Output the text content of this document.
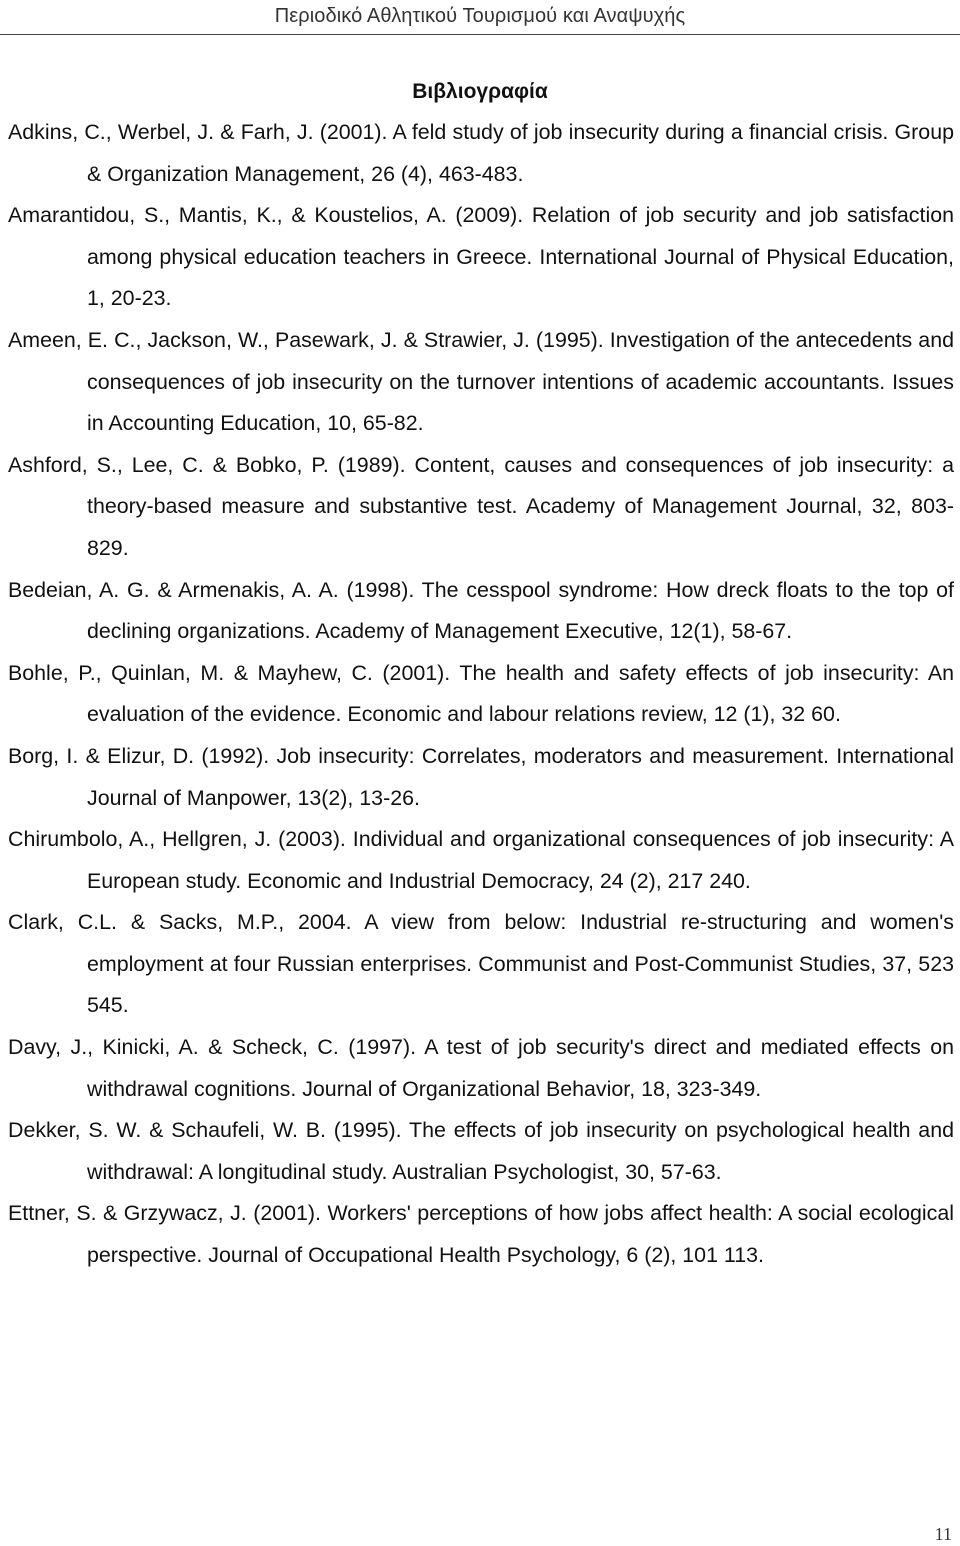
Περιοδικό Αθλητικού Τουρισμού και Αναψυχής
Βιβλιογραφία
Adkins, C., Werbel, J. & Farh, J. (2001). A feld study of job insecurity during a financial crisis. Group & Organization Management, 26 (4), 463-483.
Amarantidou, S., Mantis, K., & Koustelios, A. (2009). Relation of job security and job satisfaction among physical education teachers in Greece. International Journal of Physical Education, 1, 20-23.
Ameen, E. C., Jackson, W., Pasewark, J. & Strawier, J. (1995). Investigation of the antecedents and consequences of job insecurity on the turnover intentions of academic accountants. Issues in Accounting Education, 10, 65-82.
Ashford, S., Lee, C. & Bobko, P. (1989). Content, causes and consequences of job insecurity: a theory-based measure and substantive test. Academy of Management Journal, 32, 803-829.
Bedeian, A. G. & Armenakis, A. A. (1998). The cesspool syndrome: How dreck floats to the top of declining organizations. Academy of Management Executive, 12(1), 58-67.
Bohle, P., Quinlan, M. & Mayhew, C. (2001). The health and safety effects of job insecurity: An evaluation of the evidence. Economic and labour relations review, 12 (1), 32 60.
Borg, I. & Elizur, D. (1992). Job insecurity: Correlates, moderators and measurement. International Journal of Manpower, 13(2), 13-26.
Chirumbolo, A., Hellgren, J. (2003). Individual and organizational consequences of job insecurity: A European study. Economic and Industrial Democracy, 24 (2), 217 240.
Clark, C.L. & Sacks, M.P., 2004. A view from below: Industrial re-structuring and women's employment at four Russian enterprises. Communist and Post-Communist Studies, 37, 523 545.
Davy, J., Kinicki, A. & Scheck, C. (1997). A test of job security's direct and mediated effects on withdrawal cognitions. Journal of Organizational Behavior, 18, 323-349.
Dekker, S. W. & Schaufeli, W. B. (1995). The effects of job insecurity on psychological health and withdrawal: A longitudinal study. Australian Psychologist, 30, 57-63.
Ettner, S. & Grzywacz, J. (2001). Workers' perceptions of how jobs affect health: A social ecological perspective. Journal of Occupational Health Psychology, 6 (2), 101 113.
11
